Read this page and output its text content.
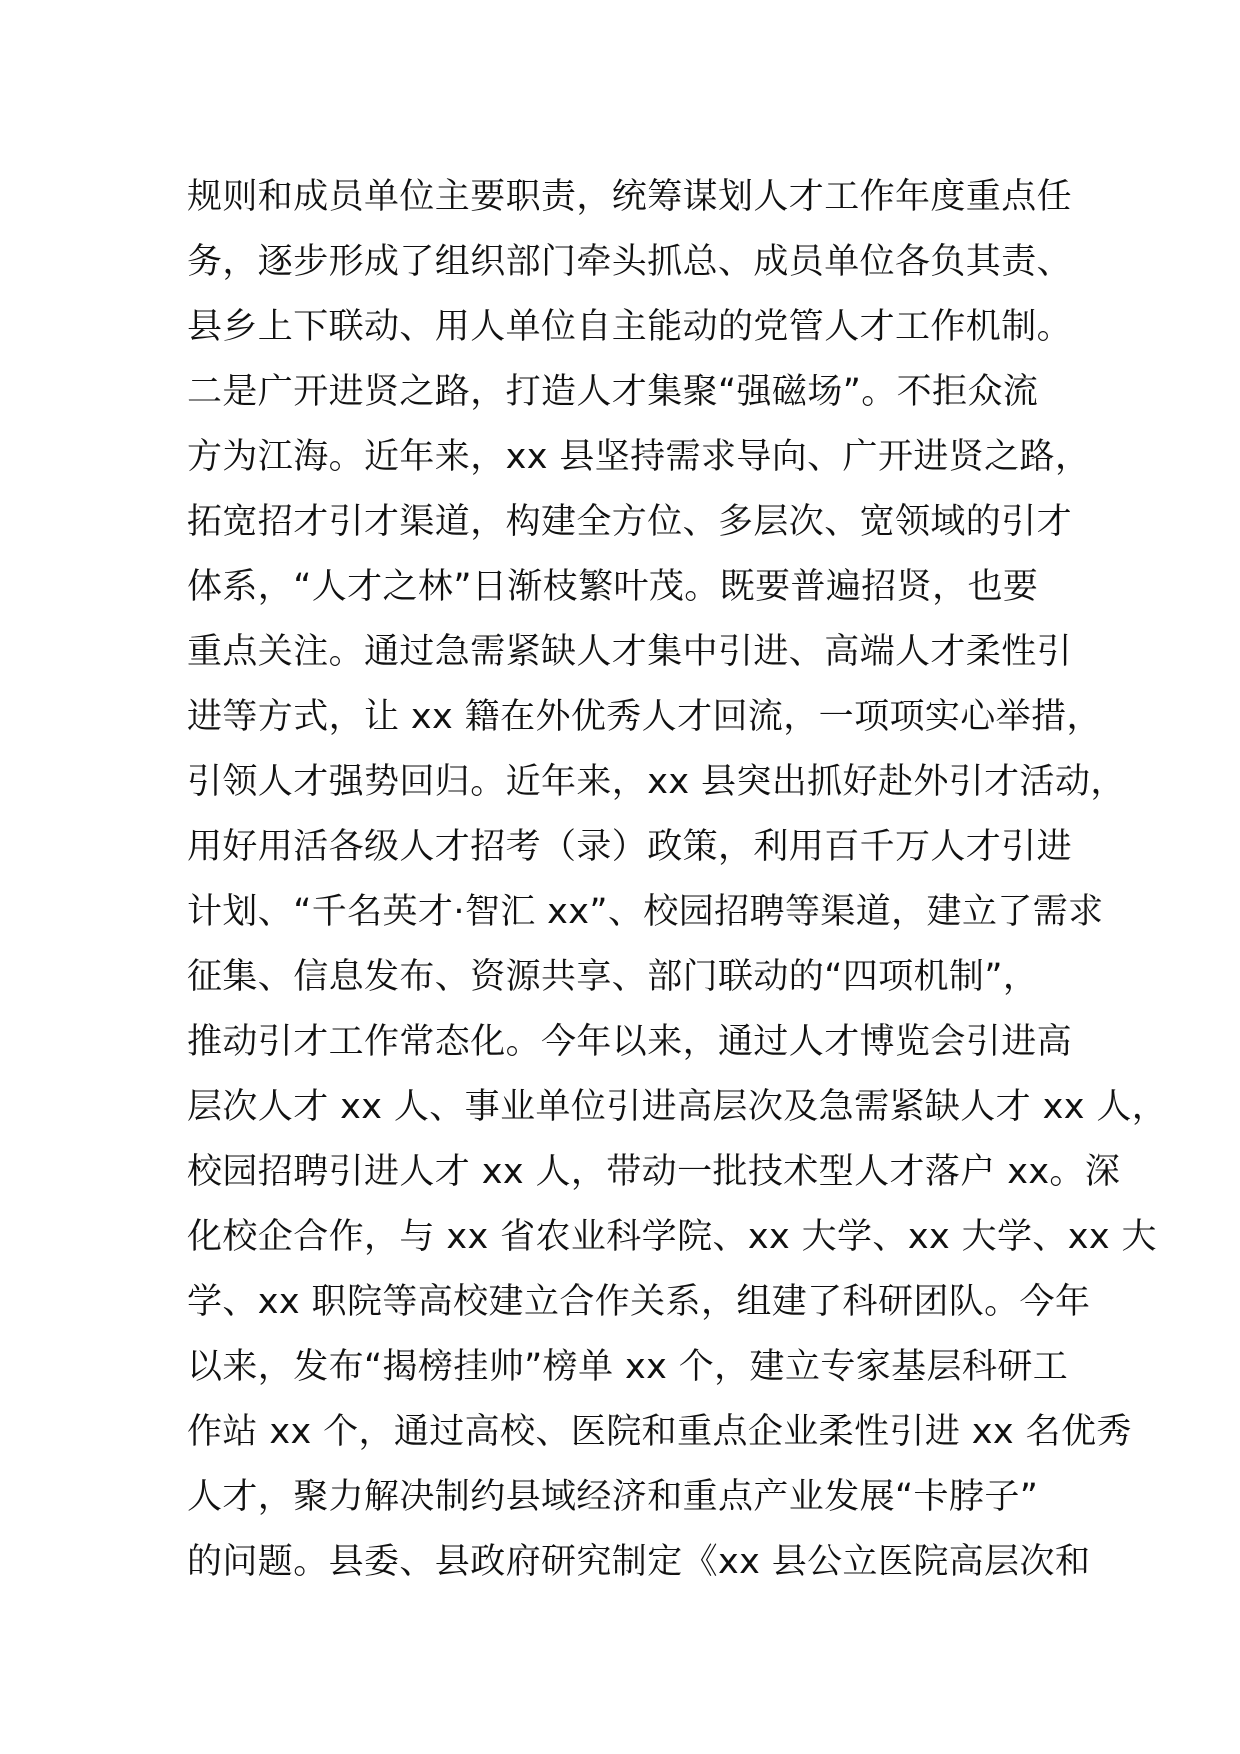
规则和成员单位主要职责，统筹谋划人才工作年度重点任
务，逐步形成了组织部门牵头抓总、成员单位各负其责、
县乡上下联动、用人单位自主能动的党管人才工作机制。
二是广开进贤之路，打造人才集聚“强磁场”。不拒众流
方为江海。近年来，xx 县坚持需求导向、广开进贤之路，
拓宽招才引才渠道，构建全方位、多层次、宽领域的引才
体系，“人才之林”日渐枝繁叶茂。既要普遍招贤，也要
重点关注。通过急需紧缺人才集中引进、高端人才柔性引
进等方式，让 xx 籍在外优秀人才回流，一项项实心举措，
引领人才强势回归。近年来，xx 县突出抓好赴外引才活动，
用好用活各级人才招考（录）政策，利用百千万人才引进
计划、“千名英才·智汇 xx”、校园招聘等渠道，建立了需求
征集、信息发布、资源共享、部门联动的“四项机制”，
推动引才工作常态化。今年以来，通过人才博览会引进高
层次人才 xx 人、事业单位引进高层次及急需紧缺人才 xx 人，
校园招聘引进人才 xx 人，带动一批技术型人才落户 xx。深
化校企合作，与 xx 省农业科学院、xx 大学、xx 大学、xx 大
学、xx 职院等高校建立合作关系，组建了科研团队。今年
以来，发布“揭榜挂帅”榜单 xx 个，建立专家基层科研工
作站 xx 个，通过高校、医院和重点企业柔性引进 xx 名优秀
人才，聚力解决制约县域经济和重点产业发展“卡脖子”
的问题。县委、县政府研究制定《xx 县公立医院高层次和
